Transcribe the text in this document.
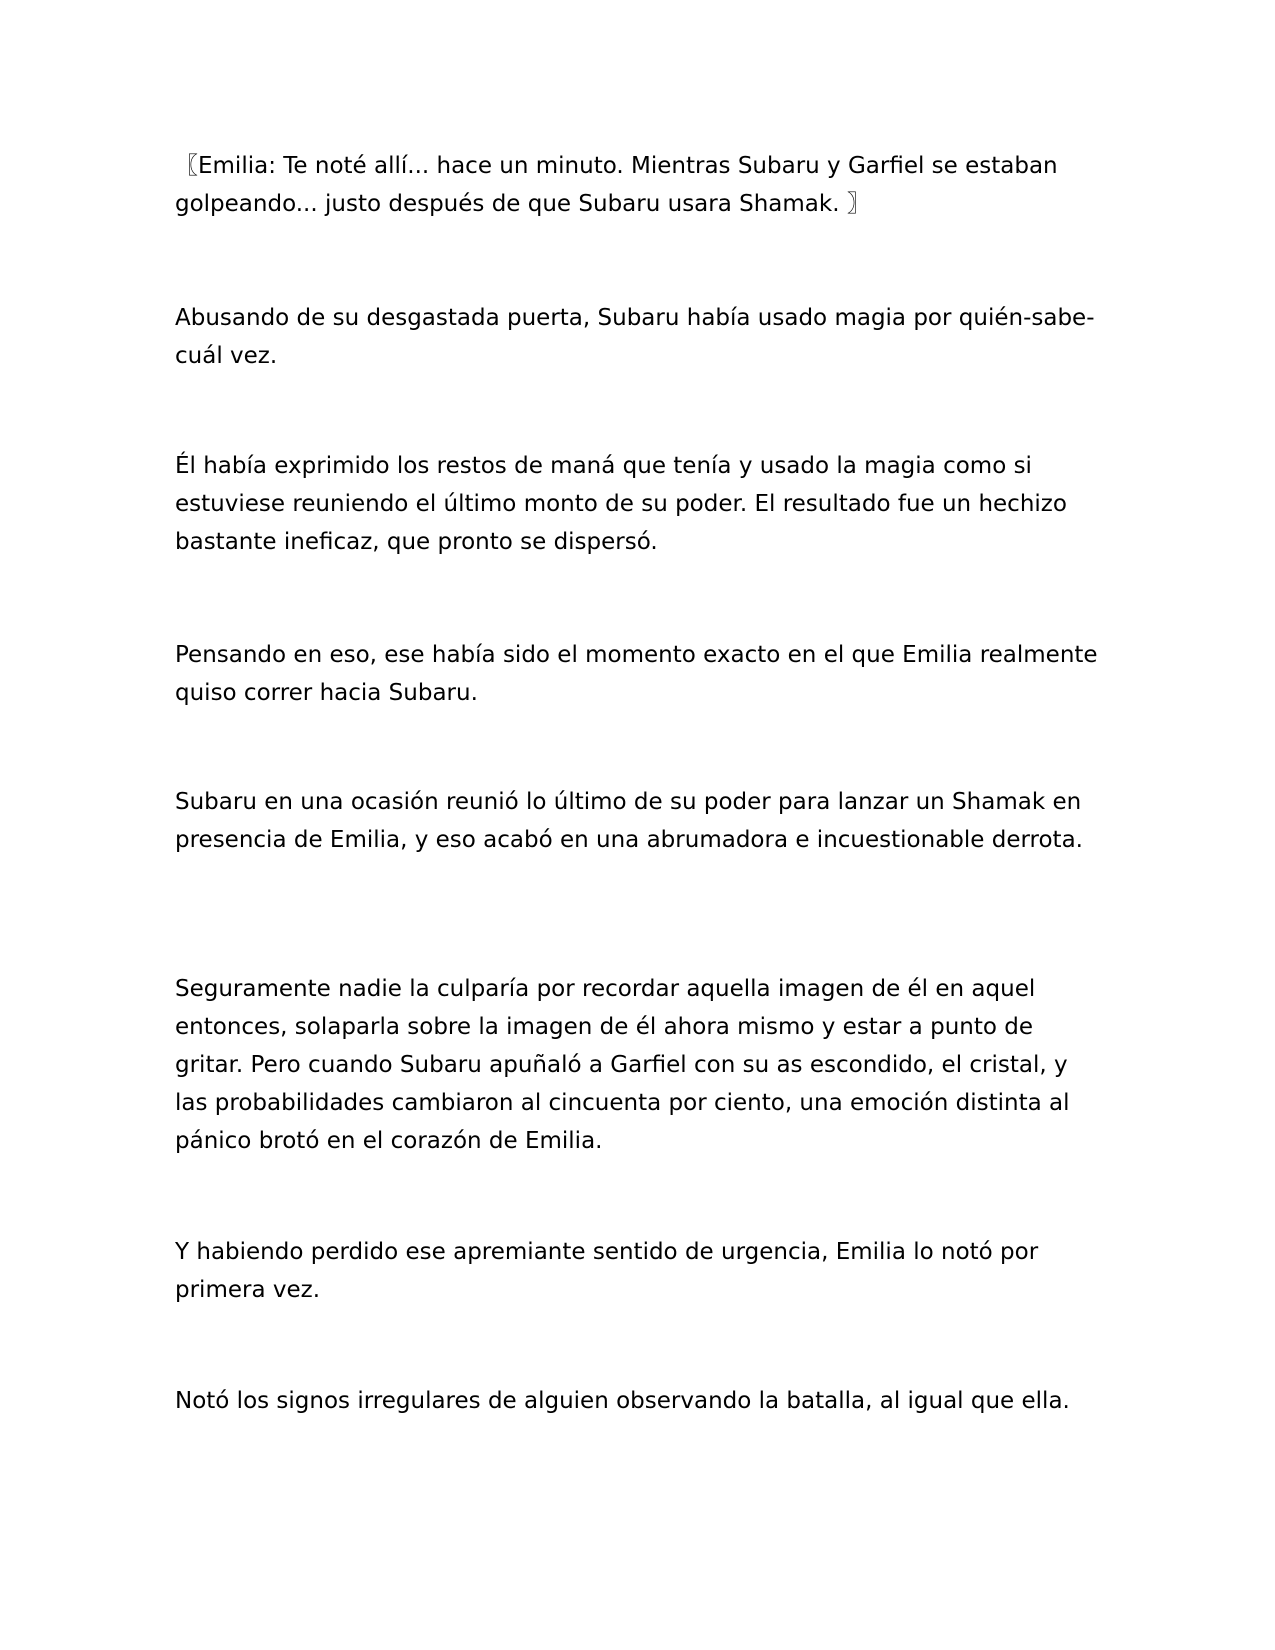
〖Emilia: Te noté allí... hace un minuto. Mientras Subaru y Garfiel se estaban golpeando... justo después de que Subaru usara Shamak. 〗

Abusando de su desgastada puerta, Subaru había usado magia por quién-sabe-cuál vez.

Él había exprimido los restos de maná que tenía y usado la magia como si estuviese reuniendo el último monto de su poder. El resultado fue un hechizo bastante ineficaz, que pronto se dispersó.

Pensando en eso, ese había sido el momento exacto en el que Emilia realmente quiso correr hacia Subaru.

Subaru en una ocasión reunió lo último de su poder para lanzar un Shamak en presencia de Emilia, y eso acabó en una abrumadora e incuestionable derrota.

Seguramente nadie la culparía por recordar aquella imagen de él en aquel entonces, solaparla sobre la imagen de él ahora mismo y estar a punto de gritar. Pero cuando Subaru apuñaló a Garfiel con su as escondido, el cristal, y las probabilidades cambiaron al cincuenta por ciento, una emoción distinta al pánico brotó en el corazón de Emilia.

Y habiendo perdido ese apremiante sentido de urgencia, Emilia lo notó por primera vez.

Notó los signos irregulares de alguien observando la batalla, al igual que ella.
